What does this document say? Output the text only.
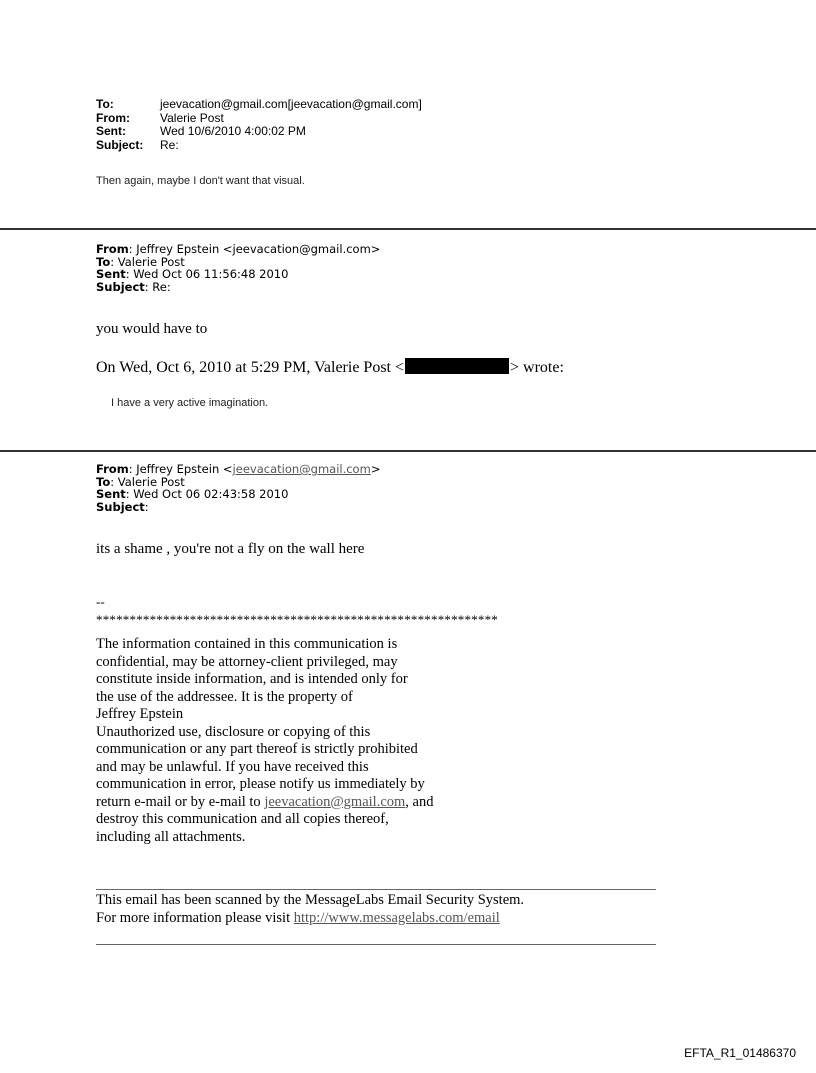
To:	jeevacation@gmail.com[jeevacation@gmail.com]
From:	Valerie Post
Sent:	Wed 10/6/2010 4:00:02 PM
Subject:	Re:
Then again, maybe I don't want that visual.
From: Jeffrey Epstein <jeevacation@gmail.com>
To: Valerie Post
Sent: Wed Oct 06 11:56:48 2010
Subject: Re:
you would have to
On Wed, Oct 6, 2010 at 5:29 PM, Valerie Post <	> wrote:
I have a very active imagination.
From: Jeffrey Epstein <jeevacation@gmail.com>
To: Valerie Post
Sent: Wed Oct 06 02:43:58 2010
Subject:
its a shame , you're not a fly on the wall here
--
************************************************************
The information contained in this communication is
confidential, may be attorney-client privileged, may
constitute inside information, and is intended only for
the use of the addressee. It is the property of
Jeffrey Epstein
Unauthorized use, disclosure or copying of this
communication or any part thereof is strictly prohibited
and may be unlawful. If you have received this
communication in error, please notify us immediately by
return e-mail or by e-mail to jeevacation@gmail.com, and
destroy this communication and all copies thereof,
including all attachments.
This email has been scanned by the MessageLabs Email Security System.
For more information please visit http://www.messagelabs.com/email
EFTA_R1_01486370
